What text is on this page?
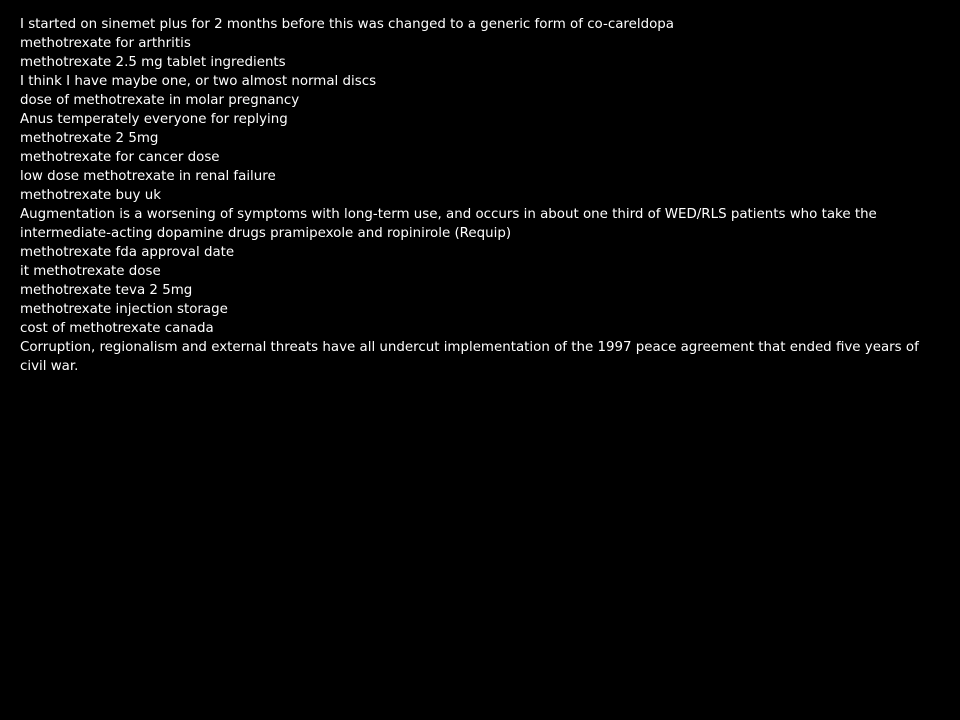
I started on sinemet plus for 2 months before this was changed to a generic form of co-careldopa
methotrexate for arthritis
methotrexate 2.5 mg tablet ingredients
I think I have maybe one, or two almost normal discs
dose of methotrexate in molar pregnancy
Anus temperately everyone for replying
methotrexate 2 5mg
methotrexate for cancer dose
low dose methotrexate in renal failure
methotrexate buy uk
Augmentation is a worsening of symptoms with long-term use, and occurs in about one third of WED/RLS patients who take the intermediate-acting dopamine drugs pramipexole and ropinirole (Requip)
methotrexate fda approval date
it methotrexate dose
methotrexate teva 2 5mg
methotrexate injection storage
cost of methotrexate canada
Corruption, regionalism and external threats have all undercut implementation of the 1997 peace agreement that ended five years of civil war.
